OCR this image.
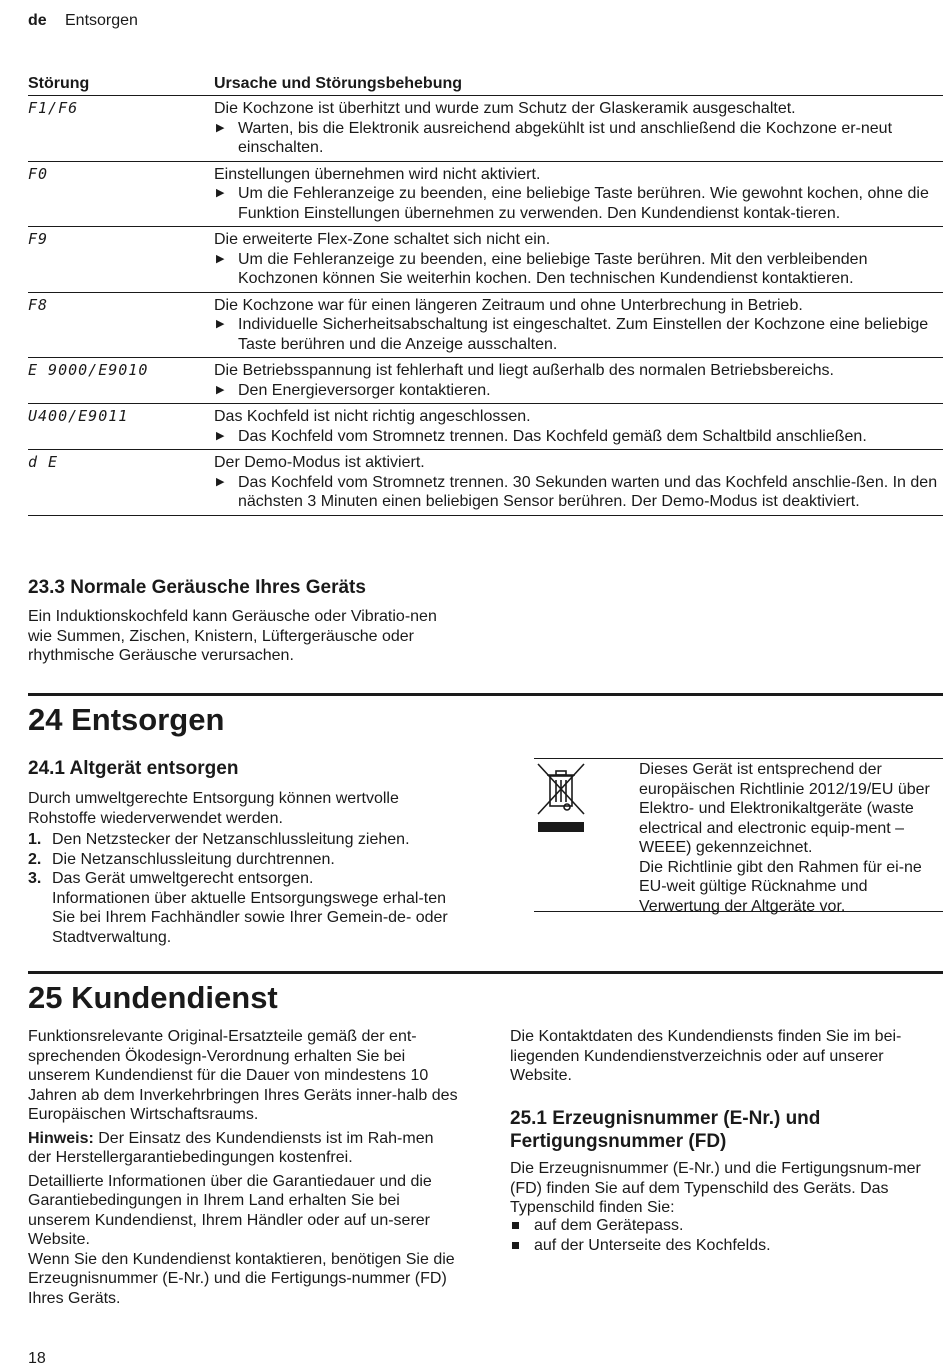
de Entsorgen
Störung	Ursache und Störungsbehebung
F1/F6	Die Kochzone ist überhitzt und wurde zum Schutz der Glaskeramik ausgeschaltet.
▶ Warten, bis die Elektronik ausreichend abgekühlt ist und anschließend die Kochzone er-neut einschalten.
F0	Einstellungen übernehmen wird nicht aktiviert.
▶ Um die Fehleranzeige zu beenden, eine beliebige Taste berühren. Wie gewohnt kochen, ohne die Funktion Einstellungen übernehmen zu verwenden. Den Kundendienst kontak-tieren.
F9	Die erweiterte Flex-Zone schaltet sich nicht ein.
▶ Um die Fehleranzeige zu beenden, eine beliebige Taste berühren. Mit den verbleibenden Kochzonen können Sie weiterhin kochen. Den technischen Kundendienst kontaktieren.
F8	Die Kochzone war für einen längeren Zeitraum und ohne Unterbrechung in Betrieb.
▶ Individuelle Sicherheitsabschaltung ist eingeschaltet. Zum Einstellen der Kochzone eine beliebige Taste berühren und die Anzeige ausschalten.
E 9000/E9010	Die Betriebsspannung ist fehlerhaft und liegt außerhalb des normalen Betriebsbereichs.
▶ Den Energieversorger kontaktieren.
U400/E9011	Das Kochfeld ist nicht richtig angeschlossen.
▶ Das Kochfeld vom Stromnetz trennen. Das Kochfeld gemäß dem Schaltbild anschließen.
d E	Der Demo-Modus ist aktiviert.
▶ Das Kochfeld vom Stromnetz trennen. 30 Sekunden warten und das Kochfeld anschlie-ßen. In den nächsten 3 Minuten einen beliebigen Sensor berühren. Der Demo-Modus ist deaktiviert.
23.3 Normale Geräusche Ihres Geräts
Ein Induktionskochfeld kann Geräusche oder Vibratio-nen wie Summen, Zischen, Knistern, Lüftergeräusche oder rhythmische Geräusche verursachen.
24 Entsorgen
24.1 Altgerät entsorgen
Durch umweltgerechte Entsorgung können wertvolle Rohstoffe wiederverwendet werden.
1. Den Netzstecker der Netzanschlussleitung ziehen.
2. Die Netzanschlussleitung durchtrennen.
3. Das Gerät umweltgerecht entsorgen.
Informationen über aktuelle Entsorgungswege erhal-ten Sie bei Ihrem Fachhändler sowie Ihrer Gemein-de- oder Stadtverwaltung.
Dieses Gerät ist entsprechend der europäischen Richtlinie 2012/19/EU über Elektro- und Elektronikaltgeräte (waste electrical and electronic equip-ment – WEEE) gekennzeichnet.
Die Richtlinie gibt den Rahmen für ei-ne EU-weit gültige Rücknahme und Verwertung der Altgeräte vor.
25 Kundendienst
Funktionsrelevante Original-Ersatzteile gemäß der ent-sprechenden Ökodesign-Verordnung erhalten Sie bei unserem Kundendienst für die Dauer von mindestens 10 Jahren ab dem Inverkehrbringen Ihres Geräts inner-halb des Europäischen Wirtschaftsraums.
Hinweis: Der Einsatz des Kundendiensts ist im Rah-men der Herstellergarantiebedingungen kostenfrei.
Detaillierte Informationen über die Garantiedauer und die Garantiebedingungen in Ihrem Land erhalten Sie bei unserem Kundendienst, Ihrem Händler oder auf un-serer Website.
Wenn Sie den Kundendienst kontaktieren, benötigen Sie die Erzeugnisnummer (E-Nr.) und die Fertigungs-nummer (FD) Ihres Geräts.
Die Kontaktdaten des Kundendiensts finden Sie im bei-liegenden Kundendienstverzeichnis oder auf unserer Website.
25.1 Erzeugnisnummer (E-Nr.) und Fertigungsnummer (FD)
Die Erzeugnisnummer (E-Nr.) und die Fertigungsnum-mer (FD) finden Sie auf dem Typenschild des Geräts. Das Typenschild finden Sie:
auf dem Gerätepass.
auf der Unterseite des Kochfelds.
18
